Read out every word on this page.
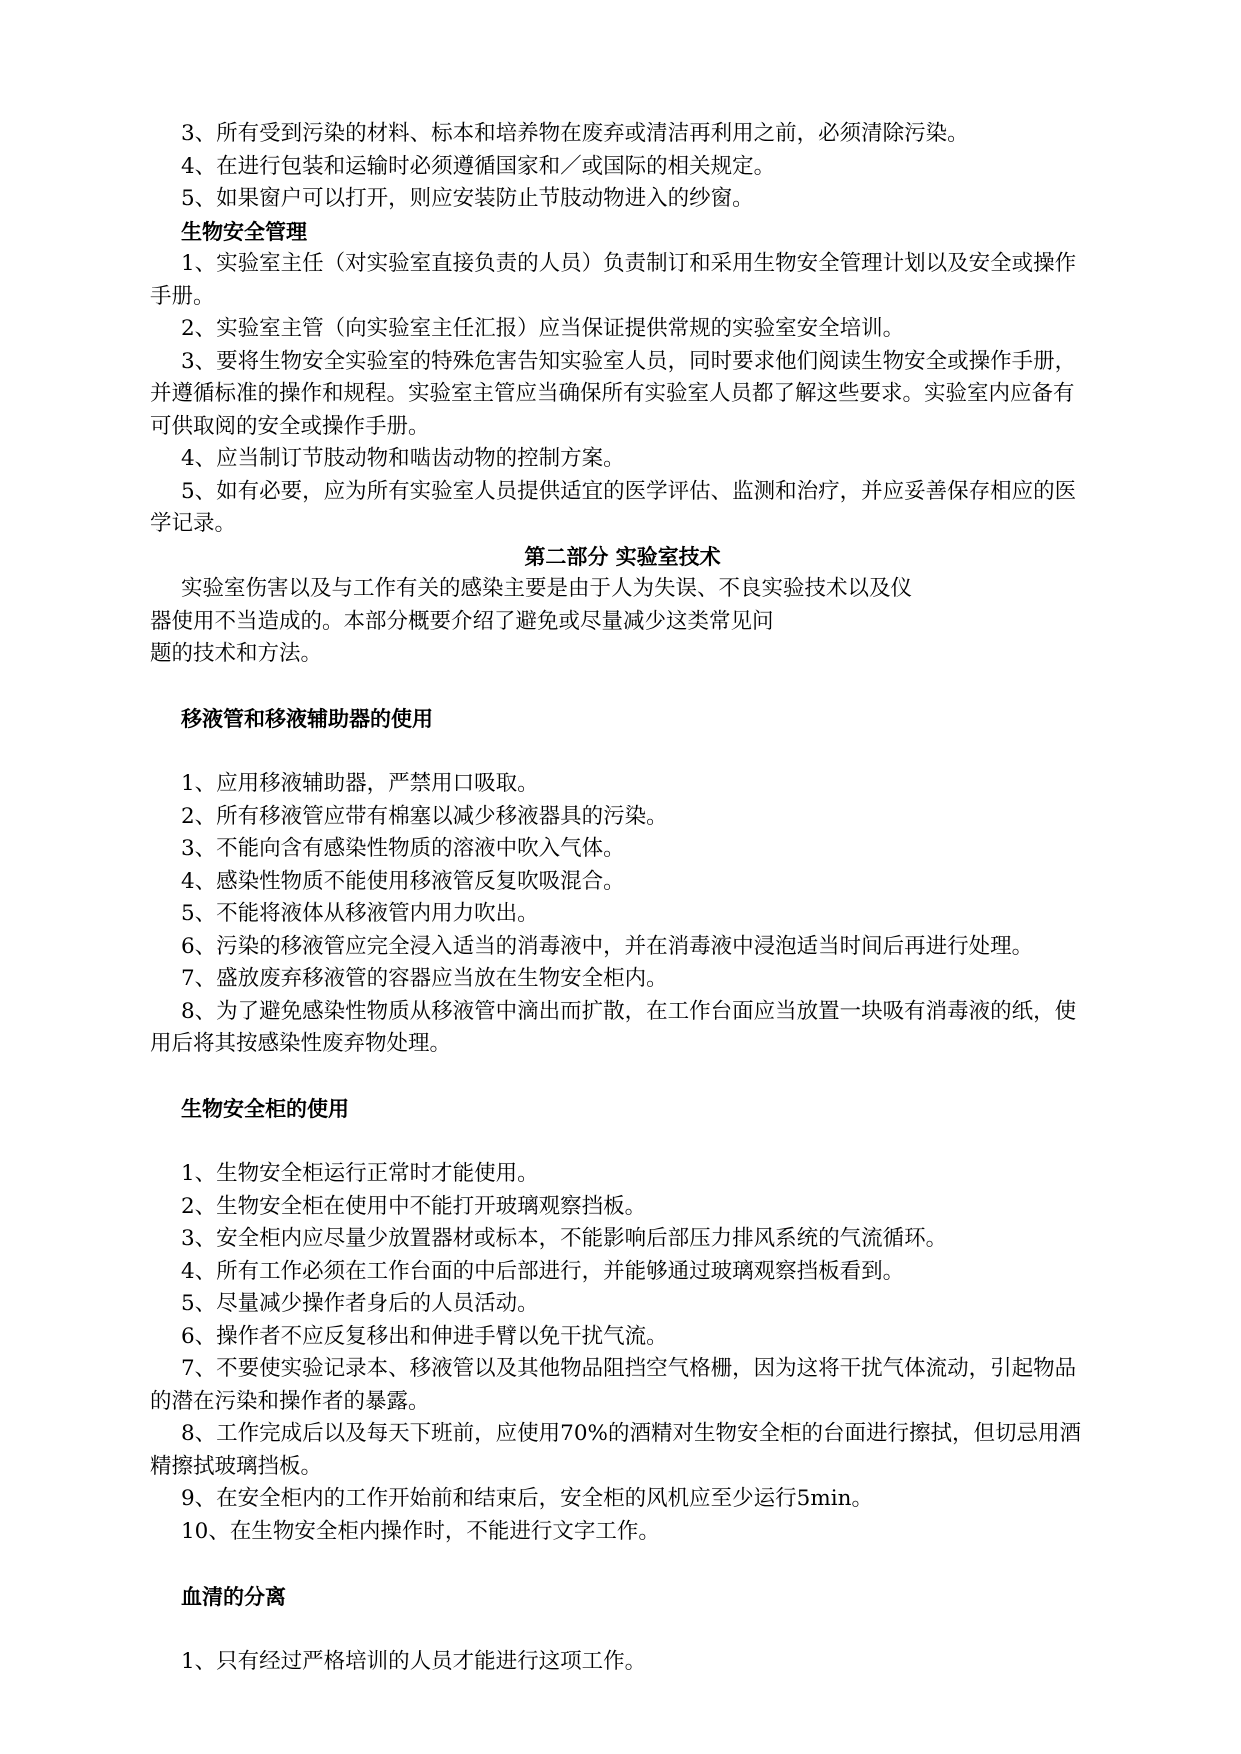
3、所有受到污染的材料、标本和培养物在废弃或清洁再利用之前，必须清除污染。

4、在进行包装和运输时必须遵循国家和／或国际的相关规定。

5、如果窗户可以打开，则应安装防止节肢动物进入的纱窗。

生物安全管理

1、实验室主任（对实验室直接负责的人员）负责制订和采用生物安全管理计划以及安全或操作手册。

2、实验室主管（向实验室主任汇报）应当保证提供常规的实验室安全培训。

3、要将生物安全实验室的特殊危害告知实验室人员，同时要求他们阅读生物安全或操作手册，并遵循标准的操作和规程。实验室主管应当确保所有实验室人员都了解这些要求。实验室内应备有可供取阅的安全或操作手册。

4、应当制订节肢动物和啮齿动物的控制方案。

5、如有必要，应为所有实验室人员提供适宜的医学评估、监测和治疗，并应妥善保存相应的医学记录。

第二部分 实验室技术

实验室伤害以及与工作有关的感染主要是由于人为失误、不良实验技术以及仪器使用不当造成的。本部分概要介绍了避免或尽量减少这类常见问

题的技术和方法。

移液管和移液辅助器的使用

1、应用移液辅助器，严禁用口吸取。

2、所有移液管应带有棉塞以减少移液器具的污染。

3、不能向含有感染性物质的溶液中吹入气体。

4、感染性物质不能使用移液管反复吹吸混合。

5、不能将液体从移液管内用力吹出。

6、污染的移液管应完全浸入适当的消毒液中，并在消毒液中浸泡适当时间后再进行处理。

7、盛放废弃移液管的容器应当放在生物安全柜内。

8、为了避免感染性物质从移液管中滴出而扩散，在工作台面应当放置一块吸有消毒液的纸，使用后将其按感染性废弃物处理。

生物安全柜的使用

1、生物安全柜运行正常时才能使用。

2、生物安全柜在使用中不能打开玻璃观察挡板。

3、安全柜内应尽量少放置器材或标本，不能影响后部压力排风系统的气流循环。

4、所有工作必须在工作台面的中后部进行，并能够通过玻璃观察挡板看到。

5、尽量减少操作者身后的人员活动。

6、操作者不应反复移出和伸进手臂以免干扰气流。

7、不要使实验记录本、移液管以及其他物品阻挡空气格栅，因为这将干扰气体流动，引起物品的潜在污染和操作者的暴露。

8、工作完成后以及每天下班前，应使用70%的酒精对生物安全柜的台面进行擦拭，但切忌用酒精擦拭玻璃挡板。

9、在安全柜内的工作开始前和结束后，安全柜的风机应至少运行5min。

10、在生物安全柜内操作时，不能进行文字工作。

血清的分离

1、只有经过严格培训的人员才能进行这项工作。
